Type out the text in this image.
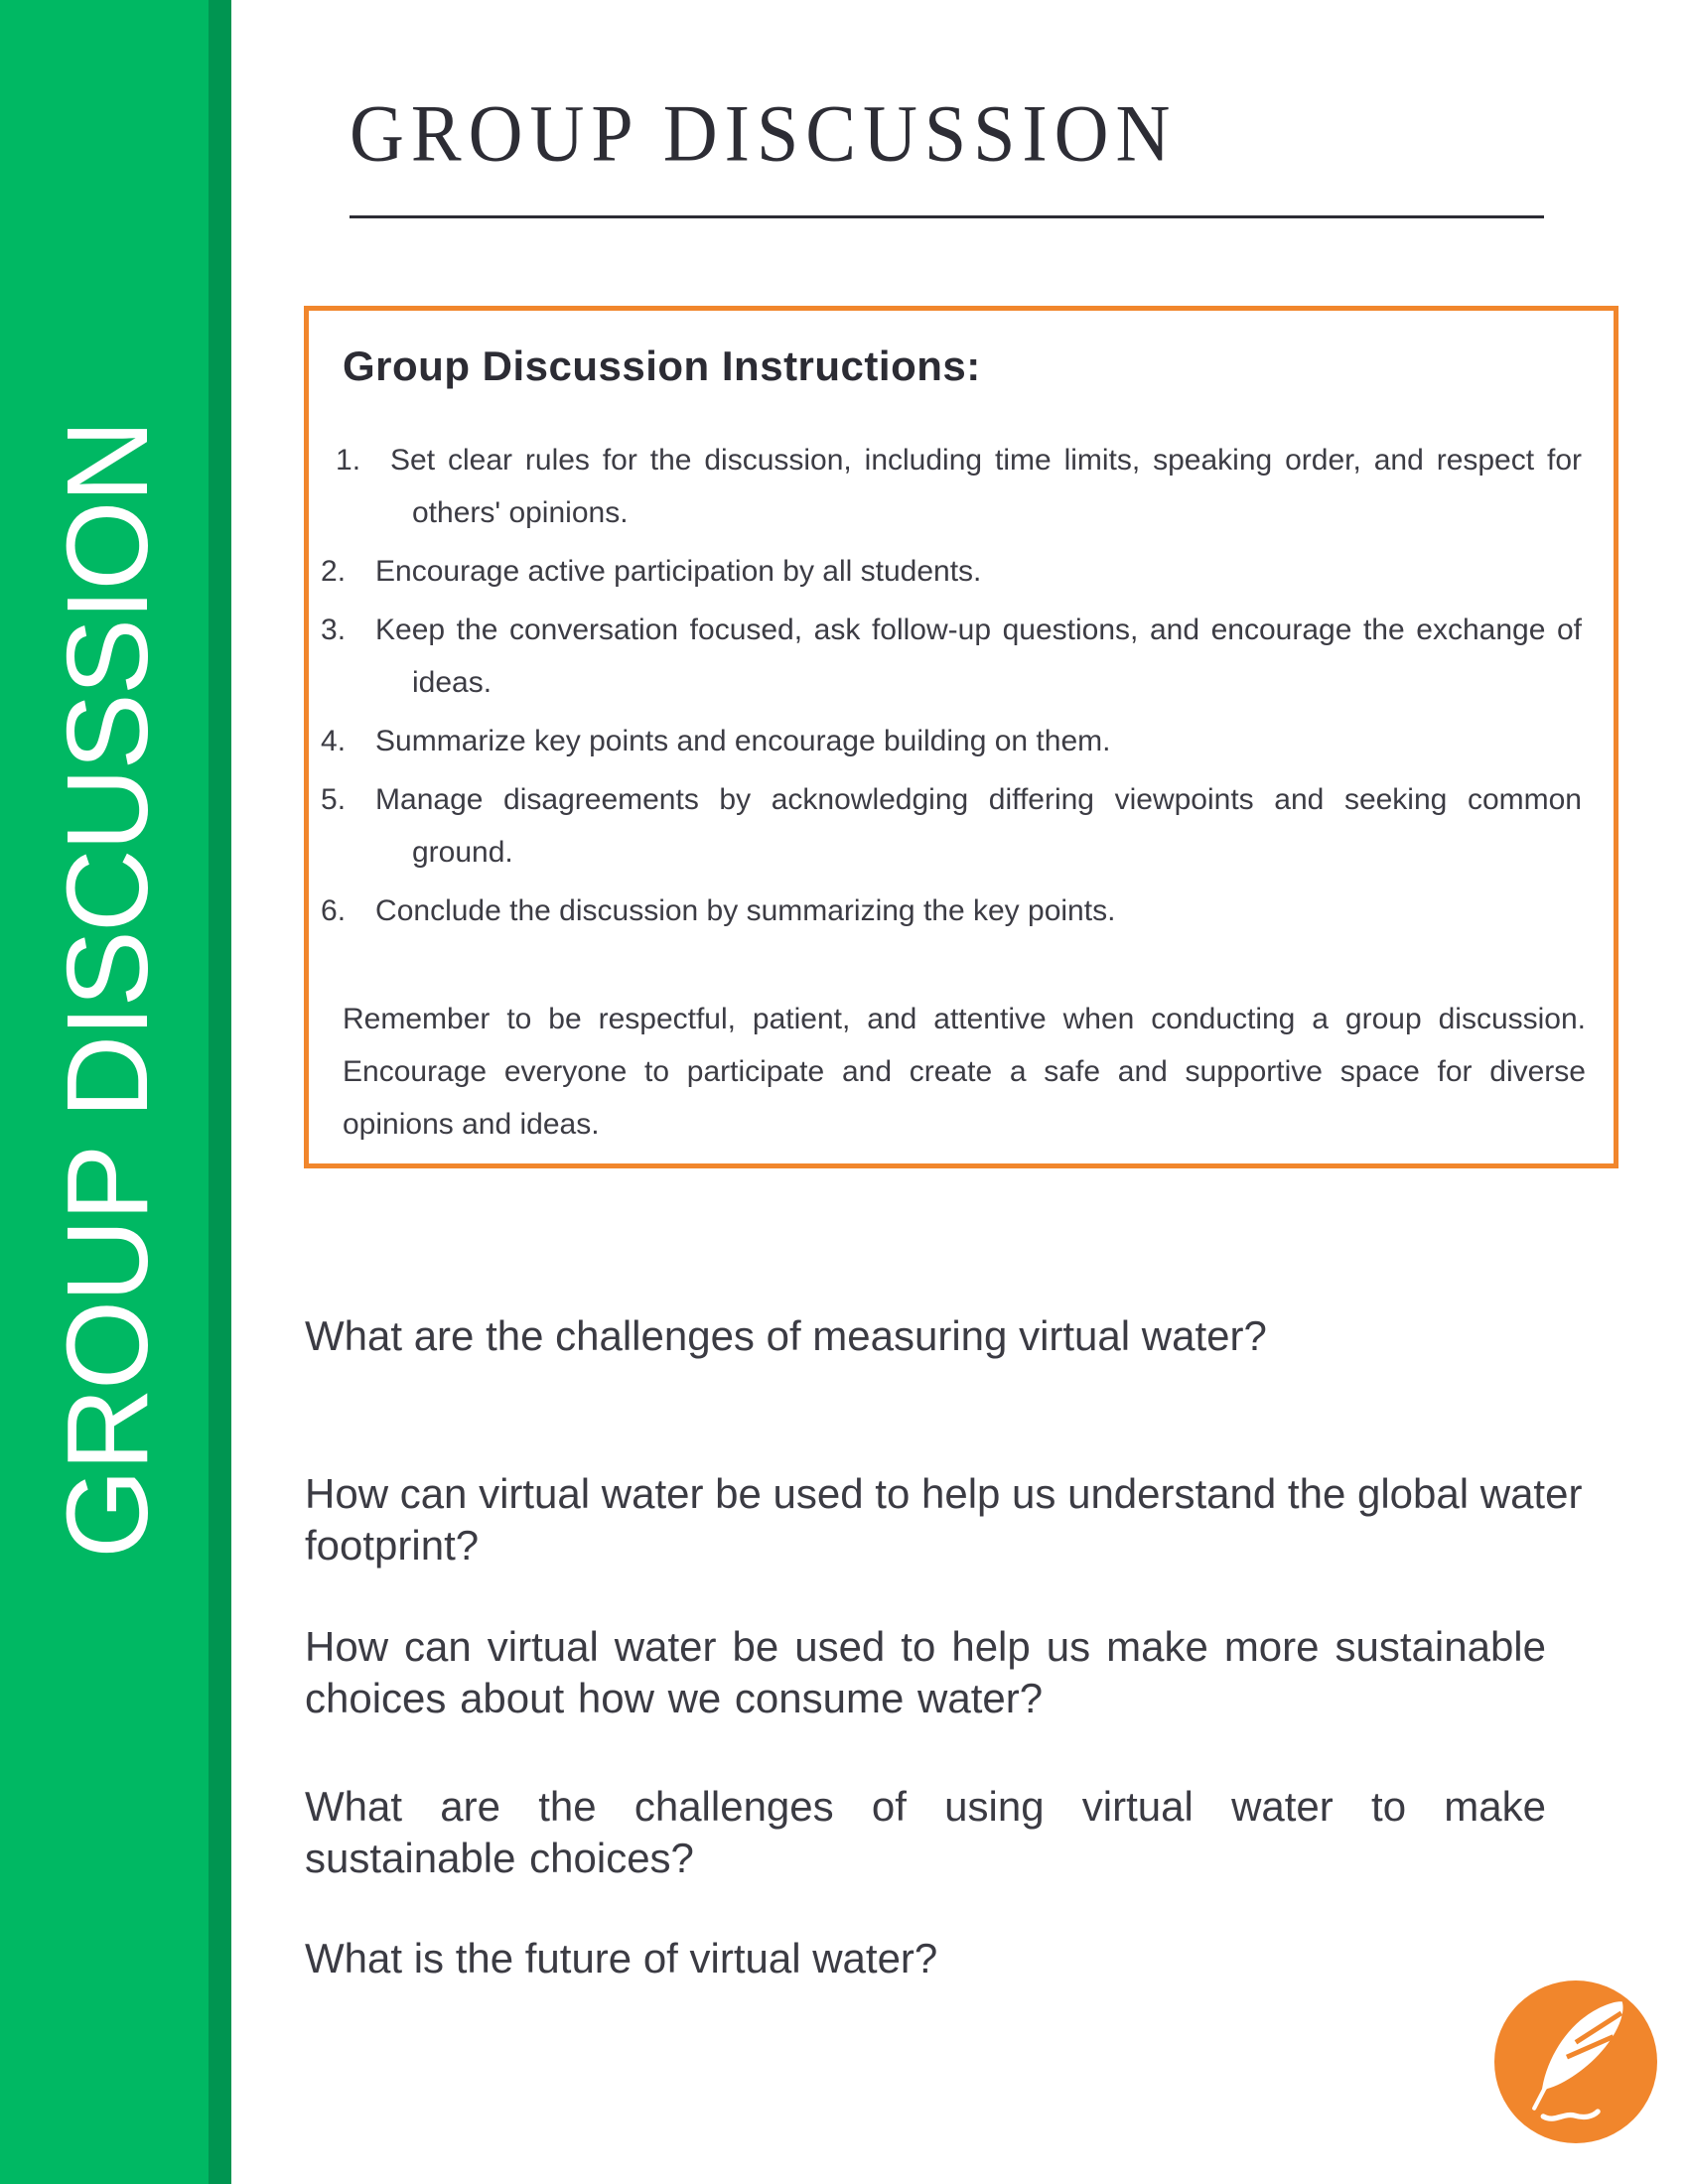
GROUP DISCUSSION
GROUP DISCUSSION
Group Discussion Instructions:
Set clear rules for the discussion, including time limits, speaking order, and respect for others' opinions.
Encourage active participation by all students.
Keep the conversation focused, ask follow-up questions, and encourage the exchange of ideas.
Summarize key points and encourage building on them.
Manage disagreements by acknowledging differing viewpoints and seeking common ground.
Conclude the discussion by summarizing the key points.

Remember to be respectful, patient, and attentive when conducting a group discussion. Encourage everyone to participate and create a safe and supportive space for diverse opinions and ideas.

What are the challenges of measuring virtual water?

How can virtual water be used to help us understand the global water footprint?

How can virtual water be used to help us make more sustainable choices about how we consume water?

What are the challenges of using virtual water to make sustainable choices?

What is the future of virtual water?
